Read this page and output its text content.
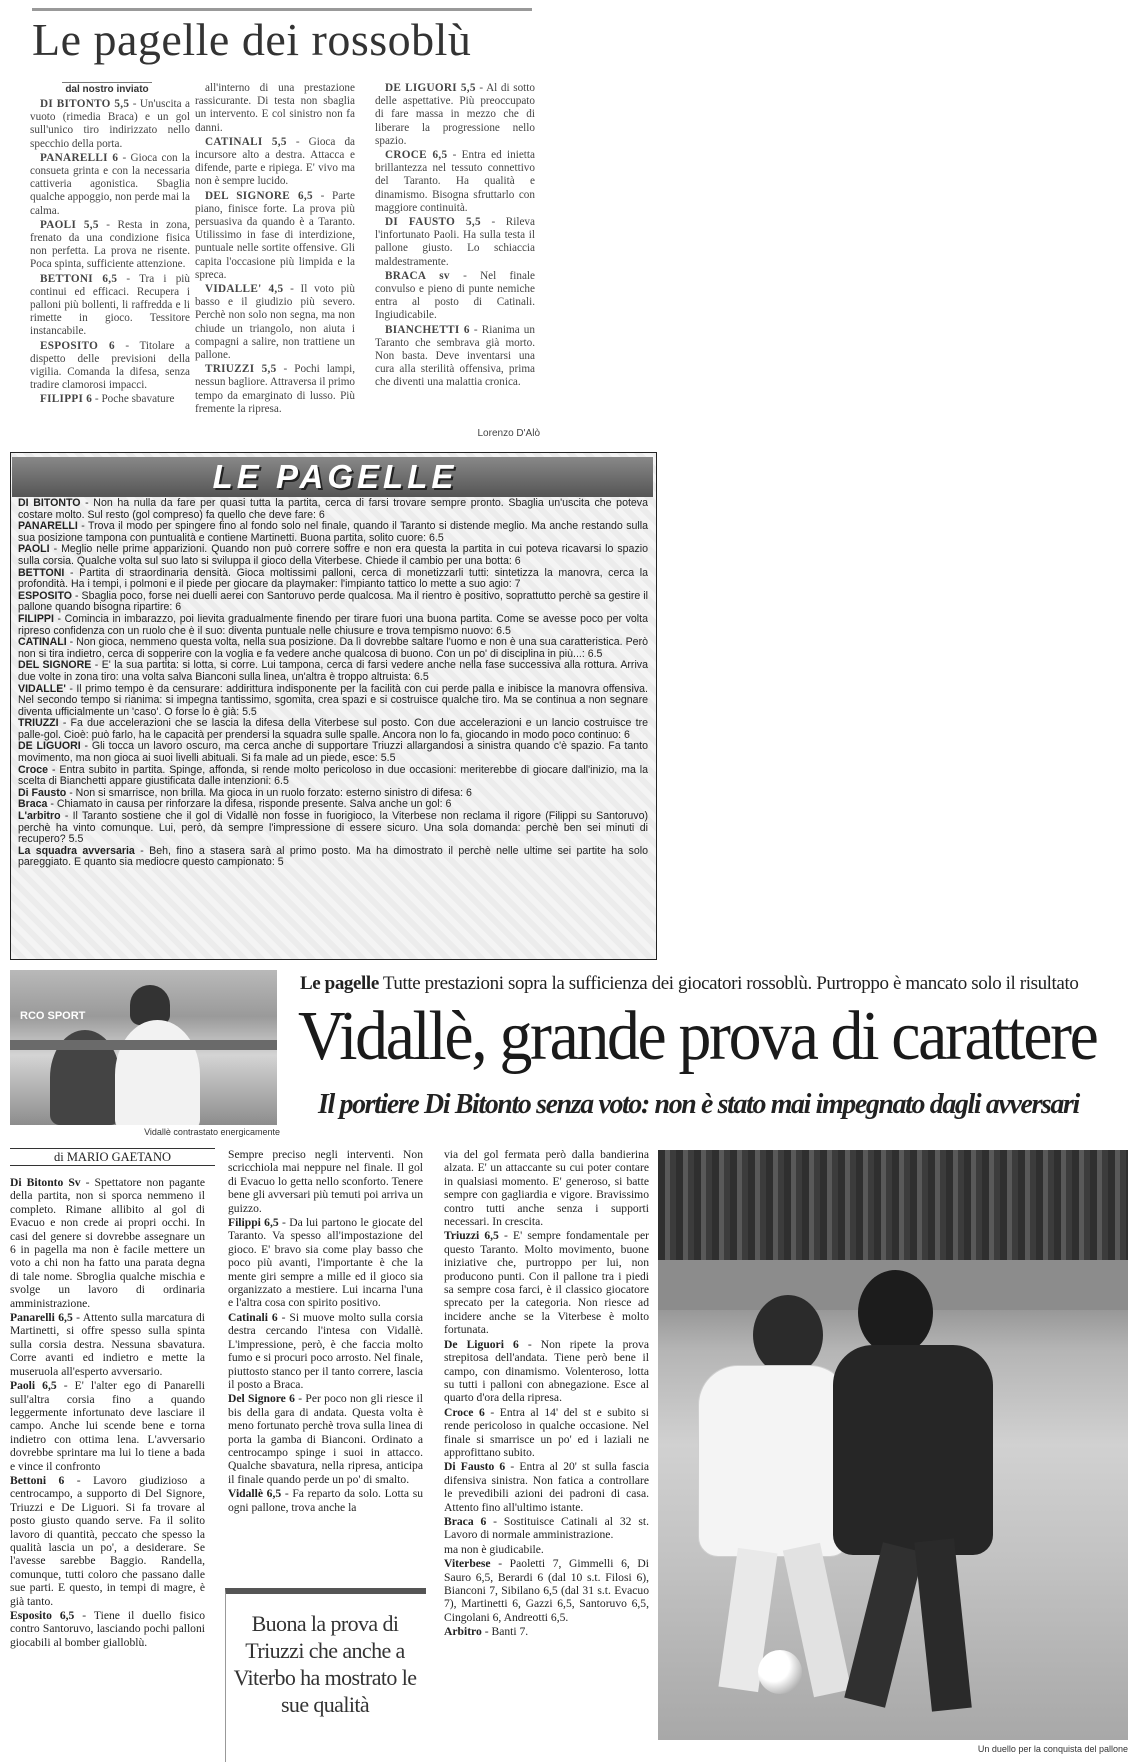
Le pagelle dei rossoblù
dal nostro inviato

DI BITONTO 5,5 - Un'uscita a vuoto (rimedia Braca) e un gol sull'unico tiro indirizzato nello specchio della porta.

PANARELLI 6 - Gioca con la consueta grinta e con la necessaria cattiveria agonistica. Sbaglia qualche appoggio, non perde mai la calma.

PAOLI 5,5 - Resta in zona, frenato da una condizione fisica non perfetta. La prova ne risente. Poca spinta, sufficiente attenzione.

BETTONI 6,5 - Tra i più continui ed efficaci. Recupera i palloni più bollenti, li raffredda e li rimette in gioco. Tessitore instancabile.

ESPOSITO 6 - Titolare a dispetto delle previsioni della vigilia. Comanda la difesa, senza tradire clamorosi impacci.

FILIPPI 6 - Poche sbavature

all'interno di una prestazione rassicurante. Di testa non sbaglia un intervento. E col sinistro non fa danni.

CATINALI 5,5 - Gioca da incursore alto a destra. Attacca e difende, parte e ripiega. E' vivo ma non è sempre lucido.

DEL SIGNORE 6,5 - Parte piano, finisce forte. La prova più persuasiva da quando è a Taranto. Utilissimo in fase di interdizione, puntuale nelle sortite offensive. Gli capita l'occasione più limpida e la spreca.

VIDALLE' 4,5 - Il voto più basso e il giudizio più severo. Perchè non solo non segna, ma non chiude un triangolo, non aiuta i compagni a salire, non trattiene un pallone.

TRIUZZI 5,5 - Pochi lampi, nessun bagliore. Attraversa il primo tempo da emarginato di lusso. Più fremente la ripresa.

DE LIGUORI 5,5 - Al di sotto delle aspettative. Più preoccupato di fare massa in mezzo che di liberare la progressione nello spazio.

CROCE 6,5 - Entra ed inietta brillantezza nel tessuto connettivo del Taranto. Ha qualità e dinamismo. Bisogna sfruttarlo con maggiore continuità.

DI FAUSTO 5,5 - Rileva l'infortunato Paoli. Ha sulla testa il pallone giusto. Lo schiaccia maldestramente.

BRACA sv - Nel finale convulso e pieno di punte nemiche entra al posto di Catinali. Ingiudicabile.

BIANCHETTI 6 - Rianima un Taranto che sembrava già morto. Non basta. Deve inventarsi una cura alla sterilità offensiva, prima che diventi una malattia cronica.

Lorenzo D'Alò
LE PAGELLE

DI BITONTO - Non ha nulla da fare per quasi tutta la partita, cerca di farsi trovare sempre pronto. Sbaglia un'uscita che poteva costare molto. Sul resto (gol compreso) fa quello che deve fare: 6

PANARELLI - Trova il modo per spingere fino al fondo solo nel finale, quando il Taranto si distende meglio. Ma anche restando sulla sua posizione tampona con puntualità e contiene Martinetti. Buona partita, solito cuore: 6.5

PAOLI - Meglio nelle prime apparizioni. Quando non può correre soffre e non era questa la partita in cui poteva ricavarsi lo spazio sulla corsia. Qualche volta sul suo lato si sviluppa il gioco della Viterbese. Chiede il cambio per una botta: 6

BETTONI - Partita di straordinaria densità. Gioca moltissimi palloni, cerca di monetizzarli tutti: sintetizza la manovra, cerca la profondità. Ha i tempi, i polmoni e il piede per giocare da playmaker: l'impianto tattico lo mette a suo agio: 7

ESPOSITO - Sbaglia poco, forse nei duelli aerei con Santoruvo perde qualcosa. Ma il rientro è positivo, soprattutto perchè sa gestire il pallone quando bisogna ripartire: 6

FILIPPI - Comincia in imbarazzo, poi lievita gradualmente finendo per tirare fuori una buona partita. Come se avesse poco per volta ripreso confidenza con un ruolo che è il suo: diventa puntuale nelle chiusure e trova tempismo nuovo: 6.5

CATINALI - Non gioca, nemmeno questa volta, nella sua posizione. Da lì dovrebbe saltare l'uomo e non è una sua caratteristica. Però non si tira indietro, cerca di sopperire con la voglia e fa vedere anche qualcosa di buono. Con un po' di disciplina in più...: 6.5

DEL SIGNORE - E' la sua partita: si lotta, si corre. Lui tampona, cerca di farsi vedere anche nella fase successiva alla rottura. Arriva due volte in zona tiro: una volta salva Bianconi sulla linea, un'altra è troppo altruista: 6.5

VIDALLE' - Il primo tempo è da censurare: addirittura indisponente per la facilità con cui perde palla e inibisce la manovra offensiva. Nel secondo tempo si rianima: si impegna tantissimo, sgomita, crea spazi e si costruisce qualche tiro. Ma se continua a non segnare diventa ufficialmente un 'caso'. O forse lo è già: 5.5

TRIUZZI - Fa due accelerazioni che se lascia la difesa della Viterbese sul posto. Con due accelerazioni e un lancio costruisce tre palle-gol. Cioè: può farlo, ha le capacità per prendersi la squadra sulle spalle. Ancora non lo fa, giocando in modo poco continuo: 6

DE LIGUORI - Gli tocca un lavoro oscuro, ma cerca anche di supportare Triuzzi allargandosi a sinistra quando c'è spazio. Fa tanto movimento, ma non gioca ai suoi livelli abituali. Si fa male ad un piede, esce: 5.5

Croce - Entra subito in partita. Spinge, affonda, si rende molto pericoloso in due occasioni: meriterebbe di giocare dall'inizio, ma la scelta di Bianchetti appare giustificata dalle intenzioni: 6.5

Di Fausto - Non si smarrisce, non brilla. Ma gioca in un ruolo forzato: esterno sinistro di difesa: 6

Braca - Chiamato in causa per rinforzare la difesa, risponde presente. Salva anche un gol: 6

L'arbitro - Il Taranto sostiene che il gol di Vidallè non fosse in fuorigioco, la Viterbese non reclama il rigore (Filippi su Santoruvo) perchè ha vinto comunque. Lui, però, dà sempre l'impressione di essere sicuro. Una sola domanda: perchè ben sei minuti di recupero? 5.5

La squadra avversaria - Beh, fino a stasera sarà al primo posto. Ma ha dimostrato il perchè nelle ultime sei partite ha solo pareggiato. E quanto sia mediocre questo campionato: 5

RCO SPORT
Vidallè contrastato energicamente
Le pagelle Tutte prestazioni sopra la sufficienza dei giocatori rossoblù. Purtroppo è mancato solo il risultato
Vidallè, grande prova di carattere
Il portiere Di Bitonto senza voto: non è stato mai impegnato dagli avversari
di MARIO GAETANO

Di Bitonto Sv - Spettatore non pagante della partita, non si sporca nemmeno il completo. Rimane allibito al gol di Evacuo e non crede ai propri occhi. In casi del genere si dovrebbe assegnare un 6 in pagella ma non è facile mettere un voto a chi non ha fatto una parata degna di tale nome. Sbroglia qualche mischia e svolge un lavoro di ordinaria amministrazione.

Panarelli 6,5 - Attento sulla marcatura di Martinetti, si offre spesso sulla spinta sulla corsia destra. Nessuna sbavatura. Corre avanti ed indietro e mette la museruola all'esperto avversario.

Paoli 6,5 - E' l'alter ego di Panarelli sull'altra corsia fino a quando leggermente infortunato deve lasciare il campo. Anche lui scende bene e torna indietro con ottima lena. L'avversario dovrebbe sprintare ma lui lo tiene a bada e vince il confronto

Bettoni 6 - Lavoro giudizioso a centrocampo, a supporto di Del Signore, Triuzzi e De Liguori. Si fa trovare al posto giusto quando serve. Fa il solito lavoro di quantità, peccato che spesso la qualità lascia un po', a desiderare. Se l'avesse sarebbe Baggio. Randella, comunque, tutti coloro che passano dalle sue parti. E questo, in tempi di magre, è già tanto.

Esposito 6,5 - Tiene il duello fisico contro Santoruvo, lasciando pochi palloni giocabili al bomber gialloblù.

Sempre preciso negli interventi. Non scricchiola mai neppure nel finale. Il gol di Evacuo lo getta nello sconforto. Tenere bene gli avversari più temuti poi arriva un guizzo.

Filippi 6,5 - Da lui partono le giocate del Taranto. Va spesso all'impostazione del gioco. E' bravo sia come play basso che poco più avanti, l'importante è che la mente giri sempre a mille ed il gioco sia organizzato a mestiere. Lui incarna l'una e l'altra cosa con spirito positivo.

Catinali 6 - Si muove molto sulla corsia destra cercando l'intesa con Vidallè. L'impressione, però, è che faccia molto fumo e si procuri poco arrosto. Nel finale, piuttosto stanco per il tanto correre, lascia il posto a Braca.

Del Signore 6 - Per poco non gli riesce il bis della gara di andata. Questa volta è meno fortunato perchè trova sulla linea di porta la gamba di Bianconi. Ordinato a centrocampo spinge i suoi in attacco. Qualche sbavatura, nella ripresa, anticipa il finale quando perde un po' di smalto.

Vidallè 6,5 - Fa reparto da solo. Lotta su ogni pallone, trova anche la

via del gol fermata però dalla bandierina alzata. E' un attaccante su cui poter contare in qualsiasi momento. E' generoso, si batte sempre con gagliardia e vigore. Bravissimo contro tutti anche senza i supporti necessari. In crescita.

Triuzzi 6,5 - E' sempre fondamentale per questo Taranto. Molto movimento, buone iniziative che, purtroppo per lui, non producono punti. Con il pallone tra i piedi sa sempre cosa farci, è il classico giocatore sprecato per la categoria. Non riesce ad incidere anche se la Viterbese è molto fortunata.

De Liguori 6 - Non ripete la prova strepitosa dell'andata. Tiene però bene il campo, con dinamismo. Volenteroso, lotta su tutti i palloni con abnegazione. Esce al quarto d'ora della ripresa.

Croce 6 - Entra al 14' del st e subito si rende pericoloso in qualche occasione. Nel finale si smarrisce un po' ed i laziali ne approfittano subito.

Di Fausto 6 - Entra al 20' st sulla fascia difensiva sinistra. Non fatica a controllare le prevedibili azioni dei padroni di casa. Attento fino all'ultimo istante.

Braca 6 - Sostituisce Catinali al 32 st. Lavoro di normale amministrazione.

ma non è giudicabile.

Viterbese - Paoletti 7, Gimmelli 6, Di Sauro 6,5, Berardi 6 (dal 10 s.t. Filosi 6), Bianconi 7, Sibilano 6,5 (dal 31 s.t. Evacuo 7), Martinetti 6, Gazzi 6,5, Santoruvo 6,5, Cingolani 6, Andreotti 6,5.

Arbitro - Banti 7.

Buona la prova di Triuzzi che anche a Viterbo ha mostrato le sue qualità
Un duello per la conquista del pallone
